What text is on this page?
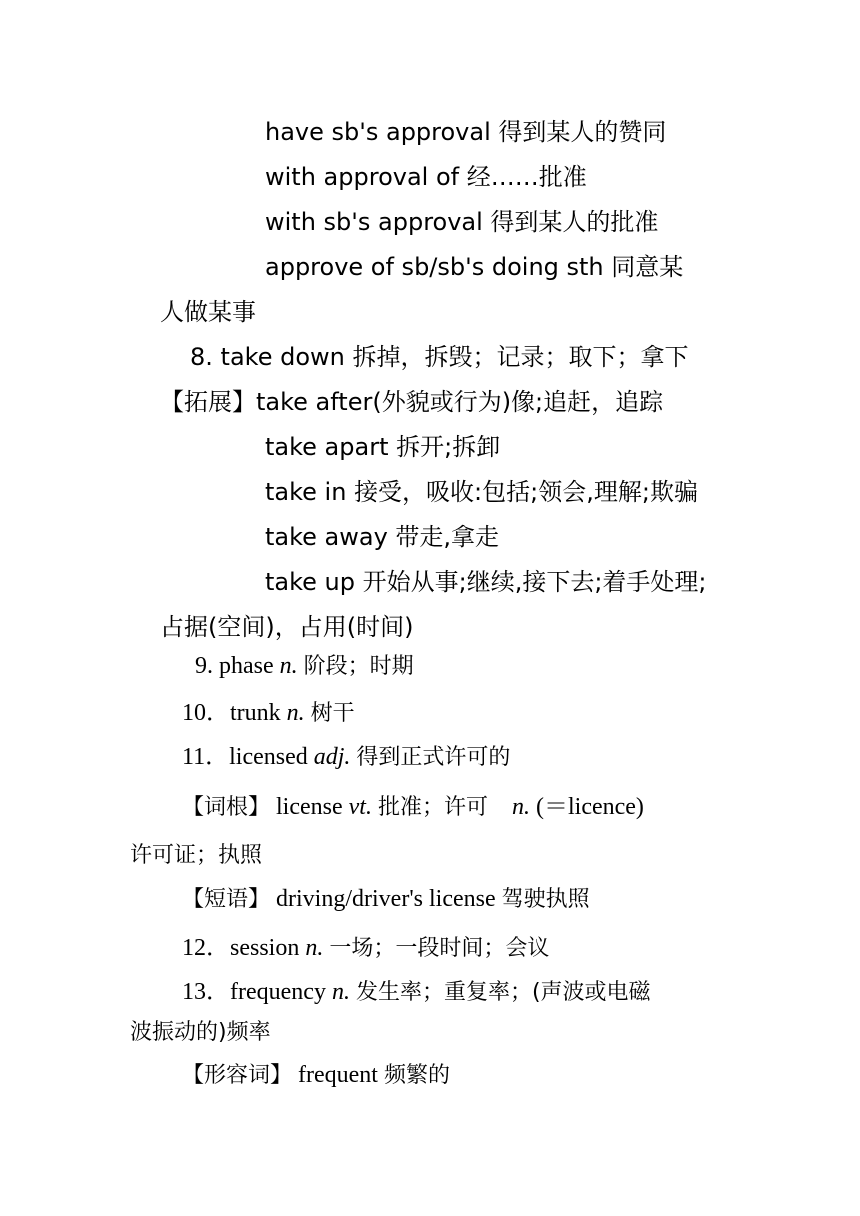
have sb's approval 得到某人的赞同
with approval of 经……批准
with sb's approval 得到某人的批准
approve of sb/sb's doing sth 同意某
人做某事
8. take down 拆掉，拆毁；记录；取下；拿下
【拓展】take after(外貌或行为)像;追赶，追踪
take apart 拆开;拆卸
take in 接受，吸收:包括;领会,理解;欺骗
take away 带走,拿走
take up 开始从事;继续,接下去;着手处理;
占据(空间)，占用(时间)
9. phase n. 阶段；时期
10．trunk n. 树干
11．licensed adj. 得到正式许可的
【词根】 license vt. 批准；许可 n. (＝licence)
许可证；执照
【短语】 driving/driver's license 驾驶执照
12．session n. 一场；一段时间；会议
13．frequency n. 发生率；重复率；(声波或电磁
波振动的)频率
【形容词】 frequent 频繁的
